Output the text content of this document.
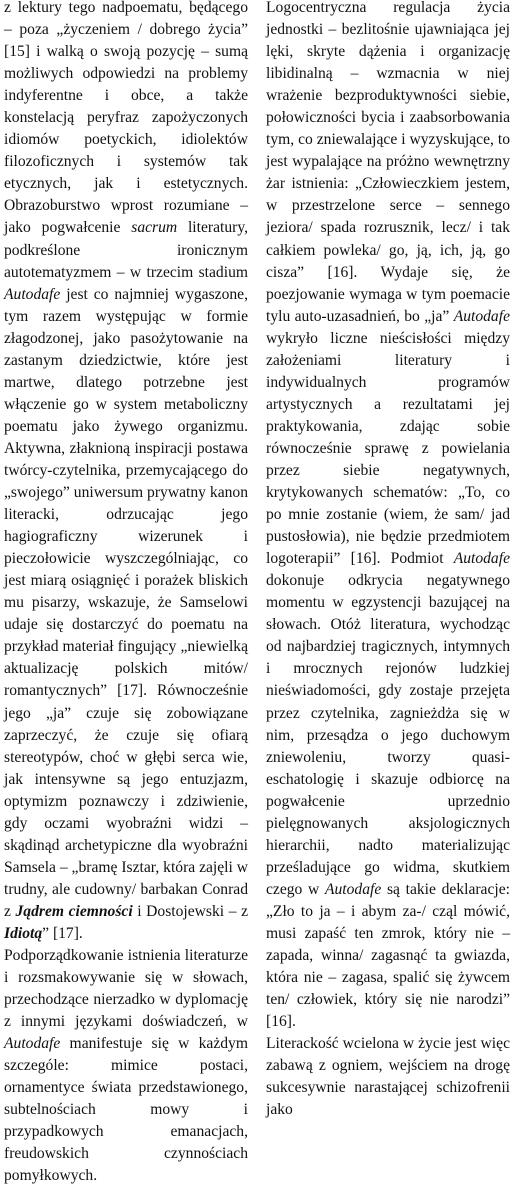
z lektury tego nadpoematu, będącego – poza „życzeniem / dobrego życia” [15] i walką o swoją pozycję – sumą możliwych odpowiedzi na problemy indyferentne i obce, a także konstelacją peryfraz zapożyczonych idiomów poetyckich, idiolektów filozoficznych i systemów tak etycznych, jak i estetycznych. Obrazoburstwo wprost rozumiane – jako pogwałcenie sacrum literatury, podkreślone ironicznym autotematyzmem – w trzecim stadium Autodafe jest co najmniej wygaszone, tym razem występując w formie złagodzonej, jako pasożytowanie na zastanym dziedzictwie, które jest martwe, dlatego potrzebne jest włączenie go w system metaboliczny poematu jako żywego organizmu. Aktywna, złaknioną inspiracji postawa twórcy-czytelnika, przemycającego do „swojego” uniwersum prywatny kanon literacki, odrzucając jego hagiograficzny wizerunek i pieczołowicie wyszczególniając, co jest miarą osiągnięć i porażek bliskich mu pisarzy, wskazuje, że Samselowi udaje się dostarczyć do poematu na przykład materiał fingujący „niewielką aktualizację polskich mitów/ romantycznych” [17]. Równocześnie jego „ja” czuje się zobowiązane zaprzeczyć, że czuje się ofiarą stereotypów, choć w głębi serca wie, jak intensywne są jego entuzjazm, optymizm poznawczy i zdziwienie, gdy oczami wyobraźni widzi – skądinąd archetypiczne dla wyobraźni Samsela – „bramę Isztar, która zajęli w trudny, ale cudowny/ barbakan Conrad z Jądrem ciemności i Dostojewski – z Idiotą” [17].

Podporządkowanie istnienia literaturze i rozsmakowywanie się w słowach, przechodzące nierzadko w dyplomację z innymi językami doświadczeń, w Autodafe manifestuje się w każdym szczególe: mimice postaci, ornamentyce świata przedstawionego, subtelnościach mowy i przypadkowych emanacjach, freudowskich czynnościach pomyłkowych.

Logocentryczna regulacja życia jednostki – bezlitośnie ujawniająca jej lęki, skryte dążenia i organizację libidinalną – wzmacnia w niej wrażenie bezproduktywności siebie, połowiczności bycia i zaabsorbowania tym, co zniewalające i wyzyskujące, to jest wypalające na próżno wewnętrzny żar istnienia: „Człowieczkiem jestem, w przestrzelone serce – sennego jeziora/ spada rozrusznik, lecz/ i tak całkiem powleka/ go, ją, ich, ją, go cisza” [16]. Wydaje się, że poezjowanie wymaga w tym poemacie tylu auto-uzasadnień, bo „ja” Autodafe wykryło liczne nieścisłości między założeniami literatury i indywidualnych programów artystycznych a rezultatami jej praktykowania, zdając sobie równocześnie sprawę z powielania przez siebie negatywnych, krytykowanych schematów: „To, co po mnie zostanie (wiem, że sam/ jad pustosłowia), nie będzie przedmiotem logoterapii” [16]. Podmiot Autodafe dokonuje odkrycia negatywnego momentu w egzystencji bazującej na słowach. Otóż literatura, wychodząc od najbardziej tragicznych, intymnych i mrocznych rejonów ludzkiej nieświadomości, gdy zostaje przejęta przez czytelnika, zagnieżdża się w nim, przesądza o jego duchowym zniewoleniu, tworzy quasi-eschatologię i skazuje odbiorcę na pogwałcenie uprzednio pielęgnowanych aksjologicznych hierarchii, nadto materializując prześladujące go widma, skutkiem czego w Autodafe są takie deklaracje: „Zło to ja – i abym za-/ cząl mówić, musi zapaść ten zmrok, który nie – zapada, winna/ zagasnąć ta gwiazda, która nie – zagasa, spalić się żywcem ten/ człowiek, który się nie narodzi” [16].

Literackość wcielona w życie jest więc zabawą z ogniem, wejściem na drogę sukcesywnie narastającej schizofrenii jako
